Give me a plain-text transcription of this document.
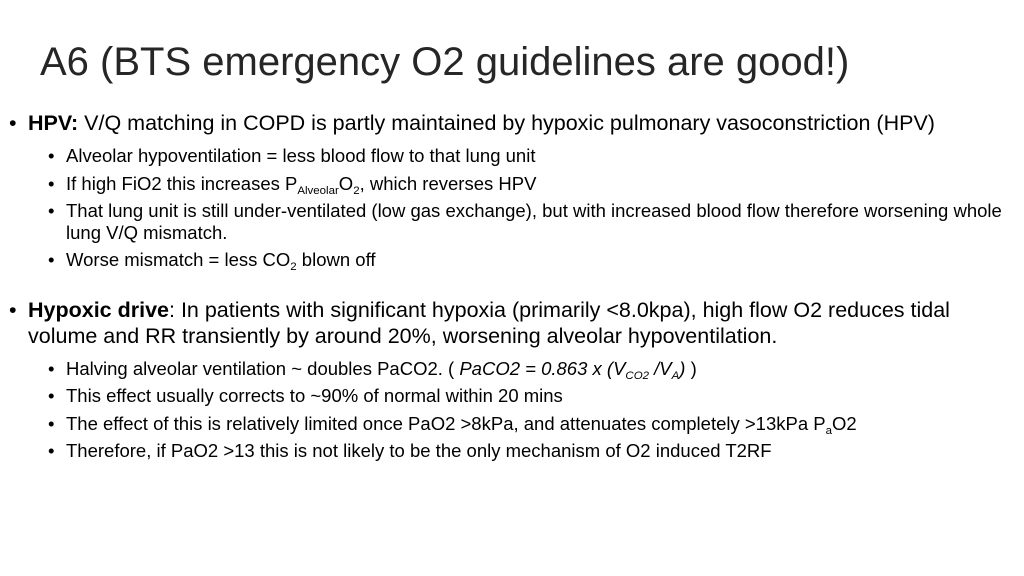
A6 (BTS emergency O2 guidelines are good!)
• HPV: V/Q matching in COPD is partly maintained by hypoxic pulmonary vasoconstriction (HPV)
• Alveolar hypoventilation = less blood flow to that lung unit
• If high FiO2 this increases $P_{Alveolar}O_2$, which reverses HPV
• That lung unit is still under-ventilated (low gas exchange), but with increased blood flow therefore worsening whole lung V/Q mismatch.
• Worse mismatch = less $CO_2$ blown off
• Hypoxic drive: In patients with significant hypoxia (primarily <8.0kpa), high flow O2 reduces tidal volume and RR transiently by around 20%, worsening alveolar hypoventilation.
• Halving alveolar ventilation ~ doubles PaCO2. ( PaCO2 = 0.863 x ($V_{CO2}$ $/V_A$) )
• This effect usually corrects to ~90% of normal within 20 mins
• The effect of this is relatively limited once PaO2 >8kPa, and attenuates completely >13kPa $P_aO2$
• Therefore, if PaO2 >13 this is not likely to be the only mechanism of O2 induced T2RF
